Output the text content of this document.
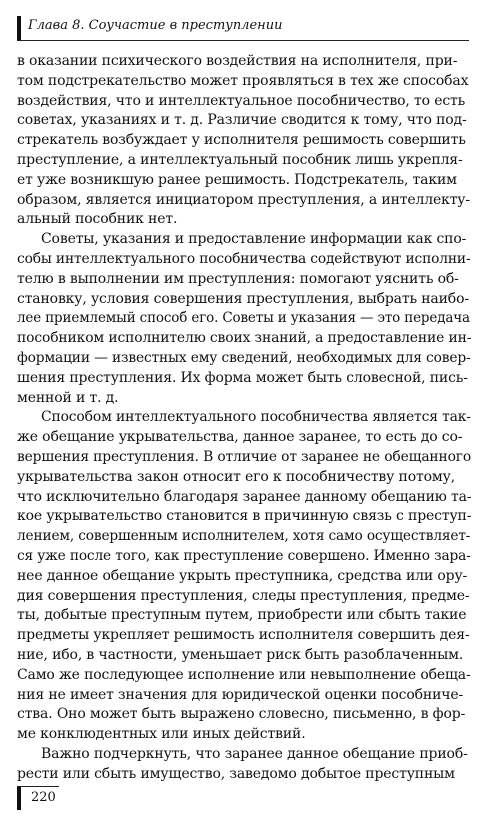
Глава 8. Соучастие в преступлении
в оказании психического воздействия на исполнителя, при-
том подстрекательство может проявляться в тех же способах
воздействия, что и интеллектуальное пособничество, то есть
советах, указаниях и т. д. Различие сводится к тому, что под-
стрекатель возбуждает у исполнителя решимость совершить
преступление, а интеллектуальный пособник лишь укрепля-
ет уже возникшую ранее решимость. Подстрекатель, таким
образом, является инициатором преступления, а интеллекту-
альный пособник нет.
Советы, указания и предоставление информации как спо-
собы интеллектуального пособничества содействуют исполни-
телю в выполнении им преступления: помогают уяснить об-
становку, условия совершения преступления, выбрать наибо-
лее приемлемый способ его. Советы и указания — это передача
пособником исполнителю своих знаний, а предоставление ин-
формации — известных ему сведений, необходимых для совер-
шения преступления. Их форма может быть словесной, пись-
менной и т. д.
Способом интеллектуального пособничества является так-
же обещание укрывательства, данное заранее, то есть до со-
вершения преступления. В отличие от заранее не обещанного
укрывательства закон относит его к пособничеству потому,
что исключительно благодаря заранее данному обещанию та-
кое укрывательство становится в причинную связь с преступ-
лением, совершенным исполнителем, хотя само осуществляет-
ся уже после того, как преступление совершено. Именно зара-
нее данное обещание укрыть преступника, средства или ору-
дия совершения преступления, следы преступления, предме-
ты, добытые преступным путем, приобрести или сбыть такие
предметы укрепляет решимость исполнителя совершить дея-
ние, ибо, в частности, уменьшает риск быть разоблаченным.
Само же последующее исполнение или невыполнение обеща-
ния не имеет значения для юридической оценки пособниче-
ства. Оно может быть выражено словесно, письменно, в фор-
ме конклюдентных или иных действий.
Важно подчеркнуть, что заранее данное обещание приоб-
рести или сбыть имущество, заведомо добытое преступным
220
